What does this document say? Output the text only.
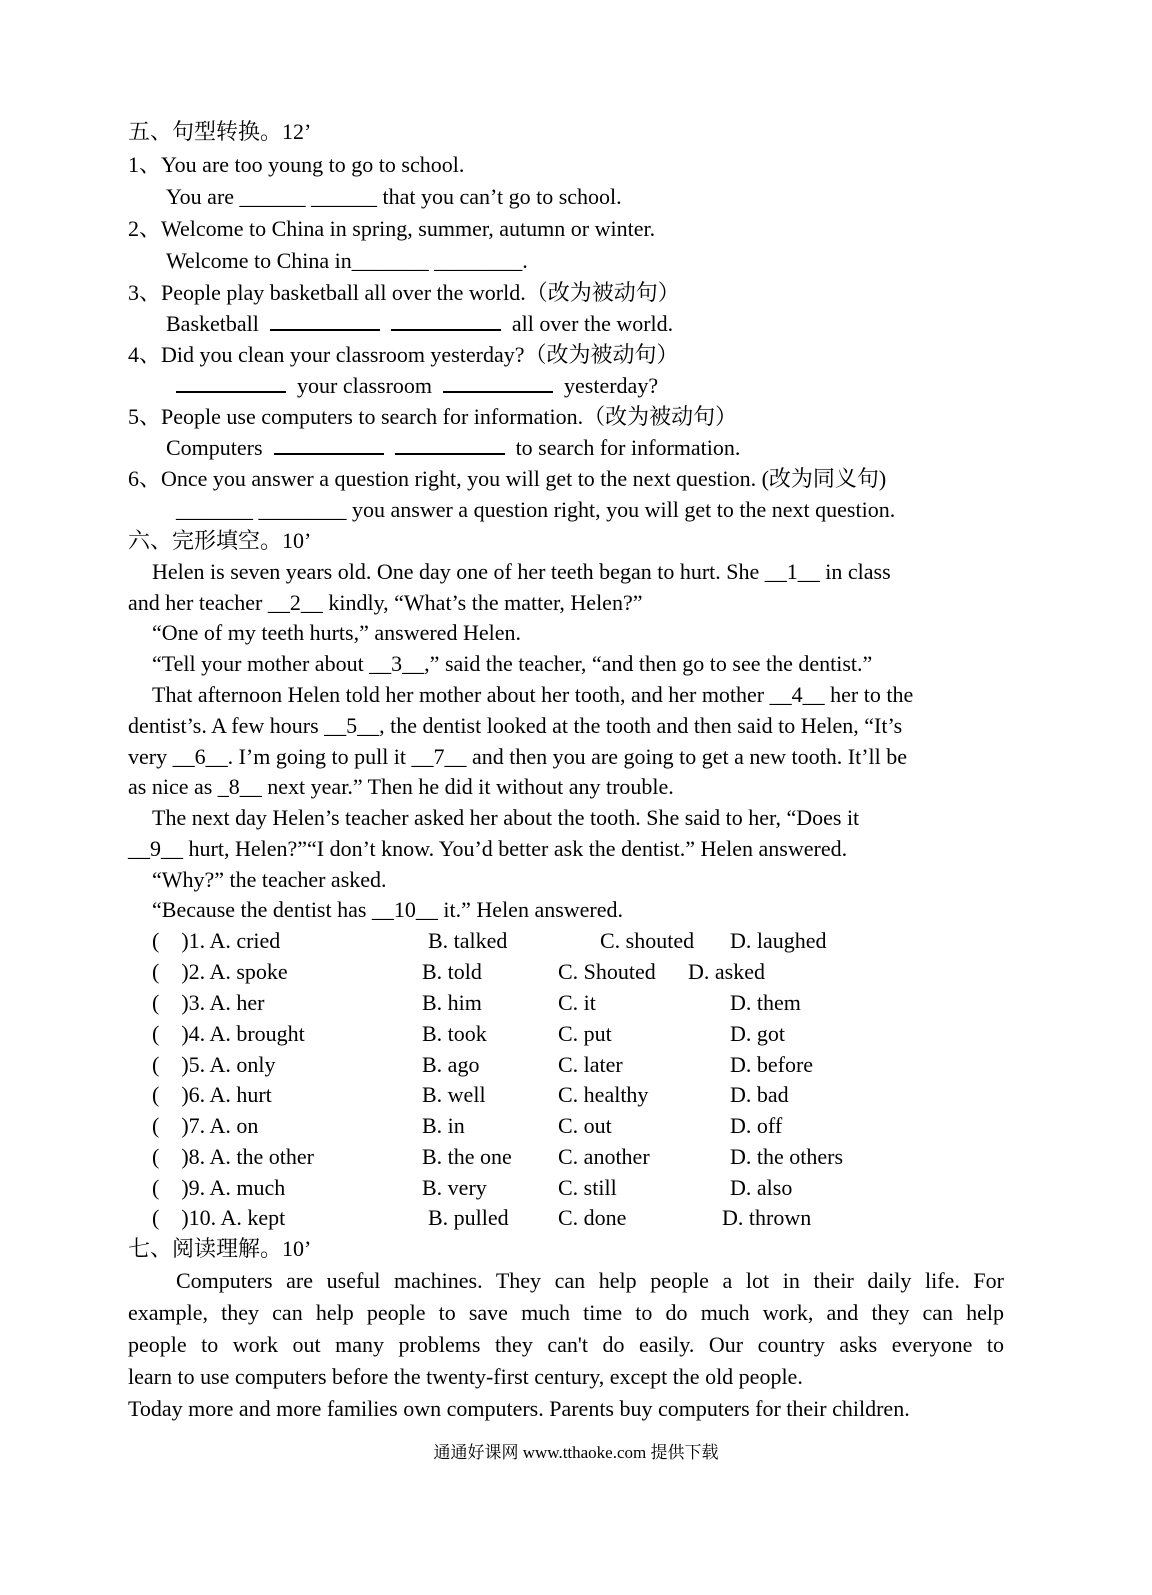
五、句型转换。12’
1、You are too young to go to school.
You are ______ ______ that you can’t go to school.
2、Welcome to China in spring, summer, autumn or winter.
Welcome to China in_______ ________.
3、People play basketball all over the world.（改为被动句）
Basketball	all over the world.
4、Did you clean your classroom yesterday?（改为被动句）
your classroom	yesterday?
5、People use computers to search for information.（改为被动句）
Computers	to search for information.
6、Once you answer a question right, you will get to the next question. (改为同义句)
_______ ________ you answer a question right, you will get to the next question.
六、完形填空。10’
Helen is seven years old. One day one of her teeth began to hurt. She __1__ in class
and her teacher __2__ kindly, “What’s the matter, Helen?”
“One of my teeth hurts,” answered Helen.
“Tell your mother about __3__,” said the teacher, “and then go to see the dentist.”
That afternoon Helen told her mother about her tooth, and her mother __4__ her to the
dentist’s. A few hours __5__, the dentist looked at the tooth and then said to Helen, “It’s
very __6__. I’m going to pull it __7__ and then you are going to get a new tooth. It’ll be
as nice as _8__ next year.” Then he did it without any trouble.
The next day Helen’s teacher asked her about the tooth. She said to her, “Does it
__9__ hurt, Helen?”“I don’t know. You’d better ask the dentist.” Helen answered.
“Why?” the teacher asked.
“Because the dentist has __10__ it.” Helen answered.
(    )1. A. cried	B. talked	C. shouted D. laughed
(    )2. A. spoke	B. told	C. Shouted D. asked
(    )3. A. her	B. him	C. it	D. them
(    )4. A. brought	B. took	C. put	D. got
(    )5. A. only	B. ago	C. later	D. before
(    )6. A. hurt	B. well	C. healthy	D. bad
(    )7. A. on	B. in	C. out	D. off
(    )8. A. the other	B. the one C. another	D. the others
(    )9. A. much	B. very	C. still	D. also
(    )10. A. kept	B. pulled C. done	D. thrown
七、阅读理解。10’
Computers are useful machines. They can help people a lot in their daily life. For
example, they can help people to save much time to do much work, and they can help
people to work out many problems they can't do easily. Our country asks everyone to
learn to use computers before the twenty-first century, except the old people.
Today more and more families own computers. Parents buy computers for their children.
通通好课网 www.tthaoke.com 提供下载
